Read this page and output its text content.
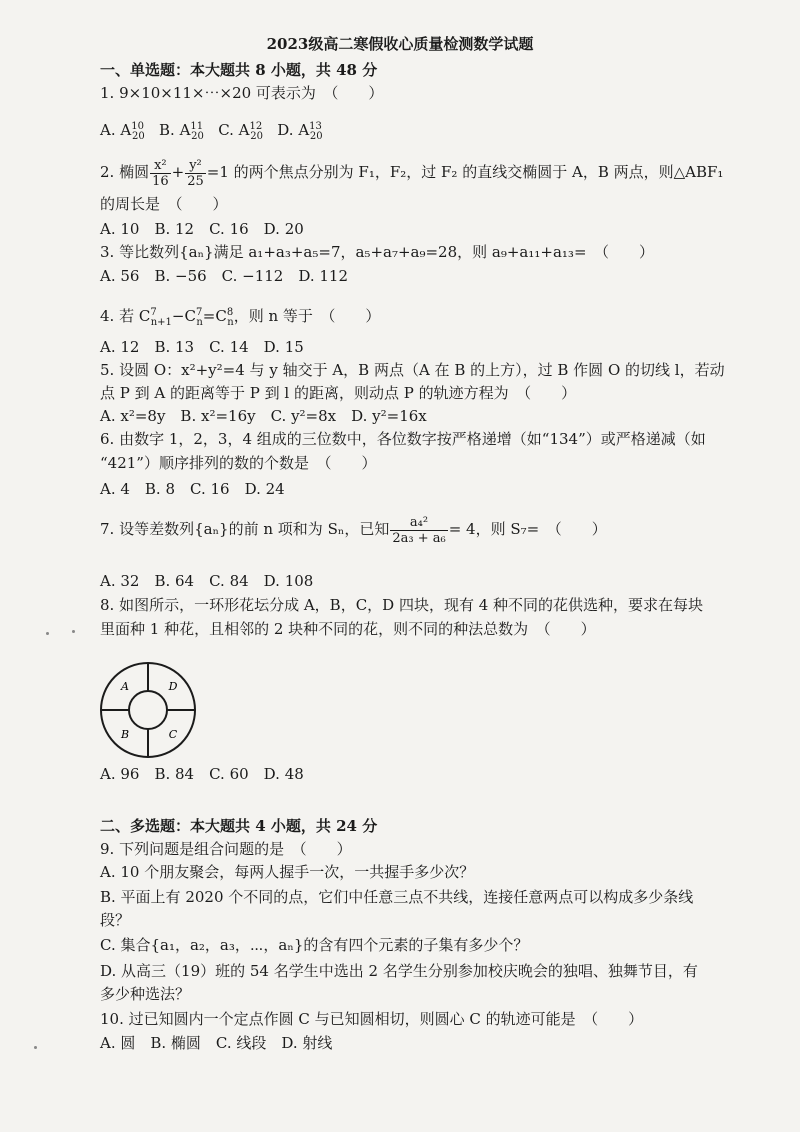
2023级高二寒假收心质量检测数学试题
一、单选题：本大题共 8 小题，共 48 分
1. 9×10×11×⋯×20 可表示为　（　　）
A. $A^{10}_{20}$ B. $A^{11}_{20}$ C. $A^{12}_{20}$ D. $A^{13}_{20}$
2. 椭圆 $\frac{\text{x²}}{16} + \frac{\text{y²}}{25} =1$ 的两个焦点分别为 F₁，F₂，过 F₂ 的直线交椭圆于 A，B 两点，则△ABF₁
的周长是　（　　）
A. 10　B. 12　C. 16　D. 20
3. 等比数列{aₙ}满足 a₁+a₃+a₅=7，a₅+a₇+a₉=28，则 a₉+a₁₁+a₁₃=　（　　）
A. 56　B. −56　C. −112　D. 112
4. 若 $C^7_{n+1}-C^7_n=C^8_n$，则 n 等于　（　　）
A. 12　B. 13　C. 14　D. 15
5. 设圆 O：x²+y²=4 与 y 轴交于 A，B 两点（A 在 B 的上方），过 B 作圆 O 的切线 l，若动
点 P 到 A 的距离等于 P 到 l 的距离，则动点 P 的轨迹方程为　（　　）
A. x²=8y　B. x²=16y　C. y²=8x　D. y²=16x
6. 由数字 1，2，3，4 组成的三位数中，各位数字按严格递增（如“134”）或严格递减（如
“421”）顺序排列的数的个数是　（　　）
A. 4　B. 8　C. 16　D. 24
7. 设等差数列{aₙ}的前 n 项和为 Sₙ，已知 $\frac{\text{a₄²}}{\text{2a₃ + a₆}} = 4$，则 S₇=　（　　）
A. 32　B. 64　C. 84　D. 108
8. 如图所示，一环形花坛分成 A，B，C，D 四块，现有 4 种不同的花供选种，要求在每块
里面种 1 种花，且相邻的 2 块种不同的花，则不同的种法总数为　（　　）
A	D
B	C
A. 96　B. 84　C. 60　D. 48
二、多选题：本大题共 4 小题，共 24 分
9. 下列问题是组合问题的是　（　　）
A. 10 个朋友聚会，每两人握手一次，一共握手多少次？
B. 平面上有 2020 个不同的点，它们中任意三点不共线，连接任意两点可以构成多少条线
段？
C. 集合{a₁，a₂，a₃，⋯，aₙ}的含有四个元素的子集有多少个？
D. 从高三（19）班的 54 名学生中选出 2 名学生分别参加校庆晚会的独唱、独舞节目，有
多少种选法？
10. 过已知圆内一个定点作圆 C 与已知圆相切，则圆心 C 的轨迹可能是　（　　）
A. 圆　B. 椭圆　C. 线段　D. 射线
